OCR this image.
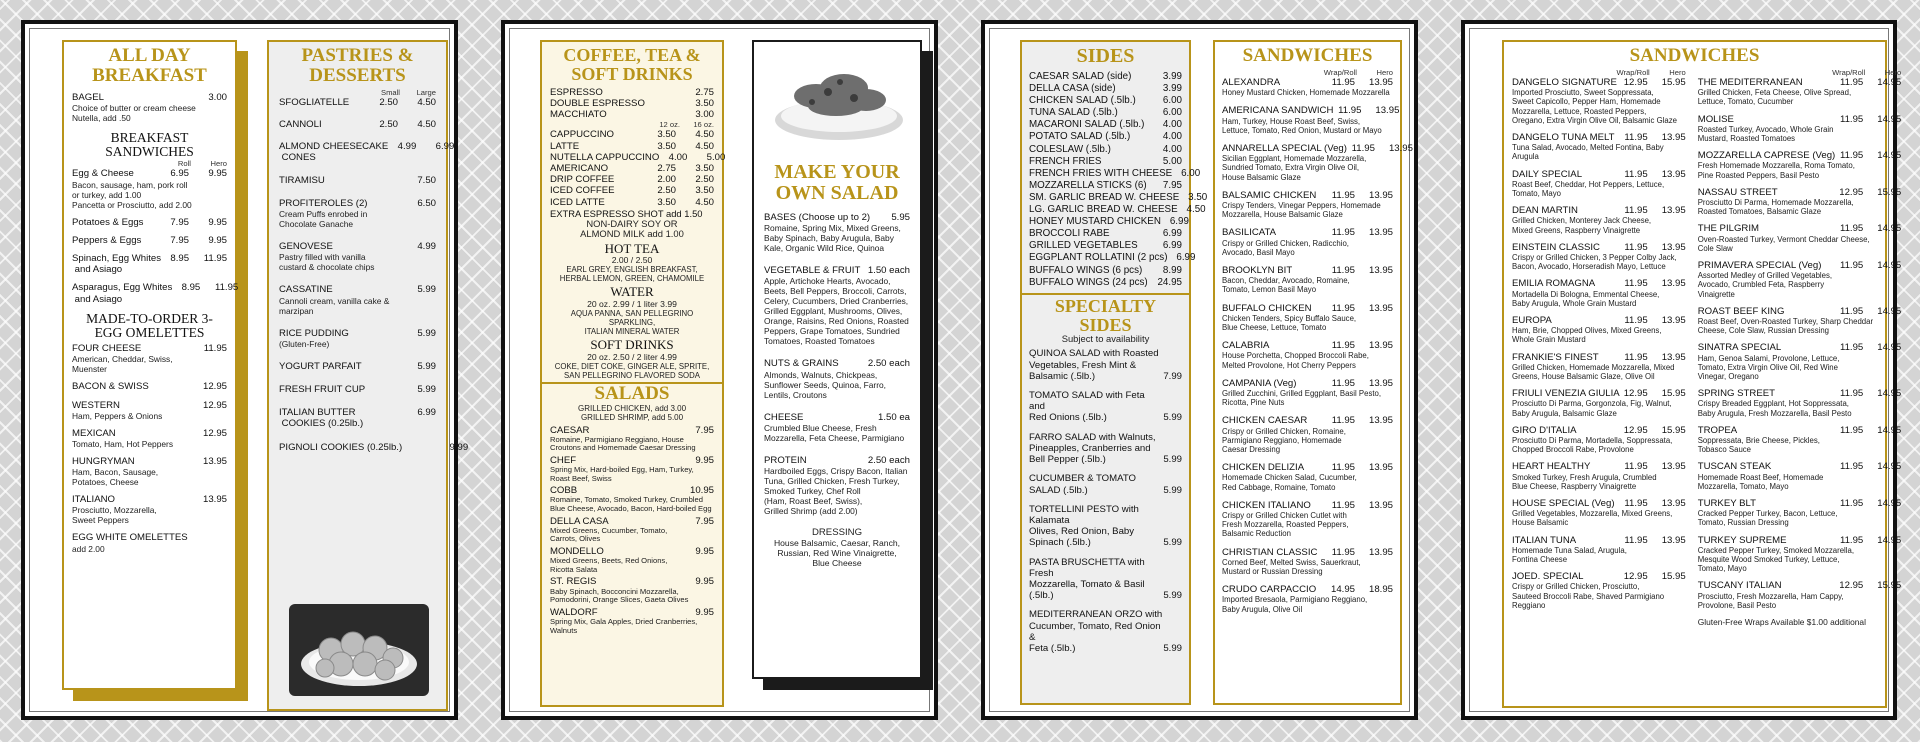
ALL DAY BREAKFAST
BAGEL	3.00
Choice of butter or cream cheese
Nutella, add .50
BREAKFAST SANDWICHES
Roll	Hero
Egg & Cheese	6.95	9.95
Bacon, sausage, ham, pork roll
or turkey, add 1.00
Pancetta or Prosciutto, add 2.00
Potatoes & Eggs	7.95	9.95
Peppers & Eggs	7.95	9.95
Spinach, Egg Whites
and Asiago
8.95	11.95
Asparagus, Egg Whites
and Asiago
8.95	11.95
MADE-TO-ORDER 3-EGG OMELETTES
FOUR CHEESE	11.95
American, Cheddar, Swiss,
Muenster
BACON & SWISS	12.95
WESTERN	12.95
Ham, Peppers & Onions
MEXICAN	12.95
Tomato, Ham, Hot Peppers
HUNGRYMAN	13.95
Ham, Bacon, Sausage,
Potatoes, Cheese
ITALIANO	13.95
Prosciutto, Mozzarella,
Sweet Peppers
EGG WHITE OMELETTES
add 2.00
PASTRIES & DESSERTS
Small	Large
SFOGLIATELLE	2.50	4.50
CANNOLI	2.50	4.50
ALMOND CHEESECAKE
CONES
4.99	6.99
TIRAMISU	7.50
PROFITEROLES (2)	6.50
Cream Puffs enrobed in
Chocolate Ganache
GENOVESE	4.99
Pastry filled with vanilla
custard & chocolate chips
CASSATINE	5.99
Cannoli cream, vanilla cake &
marzipan
RICE PUDDING	5.99
(Gluten-Free)
YOGURT PARFAIT	5.99
FRESH FRUIT CUP	5.99
ITALIAN BUTTER
COOKIES (0.25lb.)
6.99
PIGNOLI COOKIES (0.25lb.)	9.99
COFFEE, TEA & SOFT DRINKS
ESPRESSO	2.75
DOUBLE ESPRESSO	3.50
MACCHIATO	3.00
12 oz.	16 oz.
CAPPUCCINO	3.50	4.50
LATTE	3.50	4.50
NUTELLA CAPPUCCINO 4.00	5.00
AMERICANO	2.75	3.50
DRIP COFFEE	2.00	2.50
ICED COFFEE	2.50	3.50
ICED LATTE	3.50	4.50
EXTRA ESPRESSO SHOT add 1.50
NON-DAIRY SOY OR
ALMOND MILK add 1.00
HOT TEA
2.00 / 2.50
EARL GREY, ENGLISH BREAKFAST,
HERBAL LEMON, GREEN, CHAMOMILE
WATER
20 oz. 2.99 / 1 liter 3.99
AQUA PANNA, SAN PELLEGRINO SPARKLING,
ITALIAN MINERAL WATER
SOFT DRINKS
20 oz. 2.50 / 2 liter 4.99
COKE, DIET COKE, GINGER ALE, SPRITE,
SAN PELLEGRINO FLAVORED SODA
SALADS
GRILLED CHICKEN, add 3.00
GRILLED SHRIMP, add 5.00
CAESAR	7.95
Romaine, Parmigiano Reggiano, House
Croutons and Homemade Caesar Dressing
CHEF	9.95
Spring Mix, Hard-boiled Egg, Ham, Turkey,
Roast Beef, Swiss
COBB	10.95
Romaine, Tomato, Smoked Turkey, Crumbled
Blue Cheese, Avocado, Bacon, Hard-boiled Egg
DELLA CASA	7.95
Mixed Greens, Cucumber, Tomato,
Carrots, Olives
MONDELLO	9.95
Mixed Greens, Beets, Red Onions,
Ricotta Salata
ST. REGIS	9.95
Baby Spinach, Bocconcini Mozzarella,
Pomodorini, Orange Slices, Gaeta Olives
WALDORF	9.95
Spring Mix, Gala Apples, Dried Cranberries,
Walnuts
MAKE YOUR OWN SALAD
BASES (Choose up to 2)	5.95
Romaine, Spring Mix, Mixed Greens,
Baby Spinach, Baby Arugula, Baby
Kale, Organic Wild Rice, Quinoa
VEGETABLE & FRUIT 1.50 each
Apple, Artichoke Hearts, Avocado,
Beets, Bell Peppers, Broccoli, Carrots,
Celery, Cucumbers, Dried Cranberries,
Grilled Eggplant, Mushrooms, Olives,
Orange, Raisins, Red Onions, Roasted
Peppers, Grape Tomatoes, Sundried
Tomatoes, Roasted Tomatoes
NUTS & GRAINS	2.50 each
Almonds, Walnuts, Chickpeas,
Sunflower Seeds, Quinoa, Farro,
Lentils, Croutons
CHEESE	1.50 ea
Crumbled Blue Cheese, Fresh
Mozzarella, Feta Cheese, Parmigiano
PROTEIN	2.50 each
Hardboiled Eggs, Crispy Bacon, Italian
Tuna, Grilled Chicken, Fresh Turkey,
Smoked Turkey, Chef Roll
(Ham, Roast Beef, Swiss),
Grilled Shrimp (add 2.00)
DRESSING
House Balsamic, Caesar, Ranch,
Russian, Red Wine Vinaigrette,
Blue Cheese
SIDES
CAESAR SALAD (side)	3.99
DELLA CASA (side)	3.99
CHICKEN SALAD (.5lb.)	6.00
TUNA SALAD (.5lb.)	6.00
MACARONI SALAD (.5lb.)	4.00
POTATO SALAD (.5lb.)	4.00
COLESLAW (.5lb.)	4.00
FRENCH FRIES	5.00
FRENCH FRIES WITH CHEESE 6.00
MOZZARELLA STICKS (6)	7.95
SM. GARLIC BREAD W. CHEESE 3.50
LG. GARLIC BREAD W. CHEESE 4.50
HONEY MUSTARD CHICKEN 6.99
BROCCOLI RABE	6.99
GRILLED VEGETABLES	6.99
EGGPLANT ROLLATINI (2 pcs) 6.99
BUFFALO WINGS (6 pcs)	8.99
BUFFALO WINGS (24 pcs) 24.95
SPECIALTY SIDES
Subject to availability
QUINOA SALAD with Roasted
Vegetables, Fresh Mint &
Balsamic (.5lb.)	7.99
TOMATO SALAD with Feta and
Red Onions (.5lb.)	5.99
FARRO SALAD with Walnuts,
Pineapples, Cranberries and
Bell Pepper (.5lb.)	5.99
CUCUMBER & TOMATO
SALAD (.5lb.)	5.99
TORTELLINI PESTO with Kalamata
Olives, Red Onion, Baby
Spinach (.5lb.)	5.99
PASTA BRUSCHETTA with Fresh
Mozzarella, Tomato & Basil (.5lb.)	5.99
MEDITERRANEAN ORZO with
Cucumber, Tomato, Red Onion &
Feta (.5lb.)	5.99
SANDWICHES
Wrap/Roll	Hero
ALEXANDRA	11.95	13.95
Honey Mustard Chicken, Homemade Mozzarella
AMERICANA SANDWICH 11.95	13.95
Ham, Turkey, House Roast Beef, Swiss,
Lettuce, Tomato, Red Onion, Mustard or Mayo
ANNARELLA SPECIAL (Veg) 11.95	13.95
Sicilian Eggplant, Homemade Mozzarella,
Sundried Tomato, Extra Virgin Olive Oil,
House Balsamic Glaze
BALSAMIC CHICKEN	11.95	13.95
Crispy Tenders, Vinegar Peppers, Homemade
Mozzarella, House Balsamic Glaze
BASILICATA	11.95	13.95
Crispy or Grilled Chicken, Radicchio,
Avocado, Basil Mayo
BROOKLYN BIT	11.95	13.95
Bacon, Cheddar, Avocado, Romaine,
Tomato, Lemon Basil Mayo
BUFFALO CHICKEN	11.95	13.95
Chicken Tenders, Spicy Buffalo Sauce,
Blue Cheese, Lettuce, Tomato
CALABRIA	11.95	13.95
House Porchetta, Chopped Broccoli Rabe,
Melted Provolone, Hot Cherry Peppers
CAMPANIA (Veg)	11.95	13.95
Grilled Zucchini, Grilled Eggplant, Basil Pesto,
Ricotta, Pine Nuts
CHICKEN CAESAR	11.95	13.95
Crispy or Grilled Chicken, Romaine,
Parmigiano Reggiano, Homemade
Caesar Dressing
CHICKEN DELIZIA	11.95	13.95
Homemade Chicken Salad, Cucumber,
Red Cabbage, Romaine, Tomato
CHICKEN ITALIANO	11.95	13.95
Crispy or Grilled Chicken Cutlet with
Fresh Mozzarella, Roasted Peppers,
Balsamic Reduction
CHRISTIAN CLASSIC	11.95	13.95
Corned Beef, Melted Swiss, Sauerkraut,
Mustard or Russian Dressing
CRUDO CARPACCIO	14.95	18.95
Imported Bresaola, Parmigiano Reggiano,
Baby Arugula, Olive Oil
SANDWICHES
Wrap/Roll	Hero
DANGELO SIGNATURE 12.95	15.95
Imported Prosciutto, Sweet Soppressata,
Sweet Capicollo, Pepper Ham, Homemade
Mozzarella, Lettuce, Roasted Peppers,
Oregano, Extra Virgin Olive Oil, Balsamic Glaze
DANGELO TUNA MELT	11.95	13.95
Tuna Salad, Avocado, Melted Fontina, Baby
Arugula
DAILY SPECIAL	11.95	13.95
Roast Beef, Cheddar, Hot Peppers, Lettuce,
Tomato, Mayo
DEAN MARTIN	11.95	13.95
Grilled Chicken, Monterey Jack Cheese,
Mixed Greens, Raspberry Vinaigrette
EINSTEIN CLASSIC	11.95	13.95
Crispy or Grilled Chicken, 3 Pepper Colby Jack,
Bacon, Avocado, Horseradish Mayo, Lettuce
EMILIA ROMAGNA	11.95	13.95
Mortadella Di Bologna, Emmental Cheese,
Baby Arugula, Whole Grain Mustard
EUROPA	11.95	13.95
Ham, Brie, Chopped Olives, Mixed Greens,
Whole Grain Mustard
FRANKIE'S FINEST	11.95	13.95
Grilled Chicken, Homemade Mozzarella, Mixed
Greens, House Balsamic Glaze, Olive Oil
FRIULI VENEZIA GIULIA 12.95	15.95
Prosciutto Di Parma, Gorgonzola, Fig, Walnut,
Baby Arugula, Balsamic Glaze
GIRO D'ITALIA	12.95	15.95
Prosciutto Di Parma, Mortadella, Soppressata,
Chopped Broccoli Rabe, Provolone
HEART HEALTHY	11.95	13.95
Smoked Turkey, Fresh Arugula, Crumbled
Blue Cheese, Raspberry Vinaigrette
HOUSE SPECIAL (Veg)	11.95	13.95
Grilled Vegetables, Mozzarella, Mixed Greens,
House Balsamic
ITALIAN TUNA	11.95	13.95
Homemade Tuna Salad, Arugula,
Fontina Cheese
JOED. SPECIAL	12.95	15.95
Crispy or Grilled Chicken, Prosciutto,
Sauteed Broccoli Rabe, Shaved Parmigiano
Reggiano
Wrap/Roll	Hero
THE MEDITERRANEAN	11.95	14.95
Grilled Chicken, Feta Cheese, Olive Spread,
Lettuce, Tomato, Cucumber
MOLISE	11.95	14.95
Roasted Turkey, Avocado, Whole Grain
Mustard, Roasted Tomatoes
MOZZARELLA CAPRESE (Veg) 11.95	14.95
Fresh Homemade Mozzarella, Roma Tomato,
Pine Roasted Peppers, Basil Pesto
NASSAU STREET	12.95	15.95
Prosciutto Di Parma, Homemade Mozzarella,
Roasted Tomatoes, Balsamic Glaze
THE PILGRIM	11.95	14.95
Oven-Roasted Turkey, Vermont Cheddar Cheese,
Cole Slaw
PRIMAVERA SPECIAL (Veg)	11.95	14.95
Assorted Medley of Grilled Vegetables,
Avocado, Crumbled Feta, Raspberry
Vinaigrette
ROAST BEEF KING	11.95	14.95
Roast Beef, Oven-Roasted Turkey, Sharp Cheddar
Cheese, Cole Slaw, Russian Dressing
SINATRA SPECIAL	11.95	14.95
Ham, Genoa Salami, Provolone, Lettuce,
Tomato, Extra Virgin Olive Oil, Red Wine
Vinegar, Oregano
SPRING STREET	11.95	14.95
Crispy Breaded Eggplant, Hot Soppressata,
Baby Arugula, Fresh Mozzarella, Basil Pesto
TROPEA	11.95	14.95
Soppressata, Brie Cheese, Pickles,
Tobasco Sauce
TUSCAN STEAK	11.95	14.95
Homemade Roast Beef, Homemade
Mozzarella, Tomato, Mayo
TURKEY BLT	11.95	14.95
Cracked Pepper Turkey, Bacon, Lettuce,
Tomato, Russian Dressing
TURKEY SUPREME	11.95	14.95
Cracked Pepper Turkey, Smoked Mozzarella,
Mesquite Wood Smoked Turkey, Lettuce,
Tomato, Mayo
TUSCANY ITALIAN	12.95	15.95
Prosciutto, Fresh Mozzarella, Ham Cappy,
Provolone, Basil Pesto
Gluten-Free Wraps Available $1.00 additional
